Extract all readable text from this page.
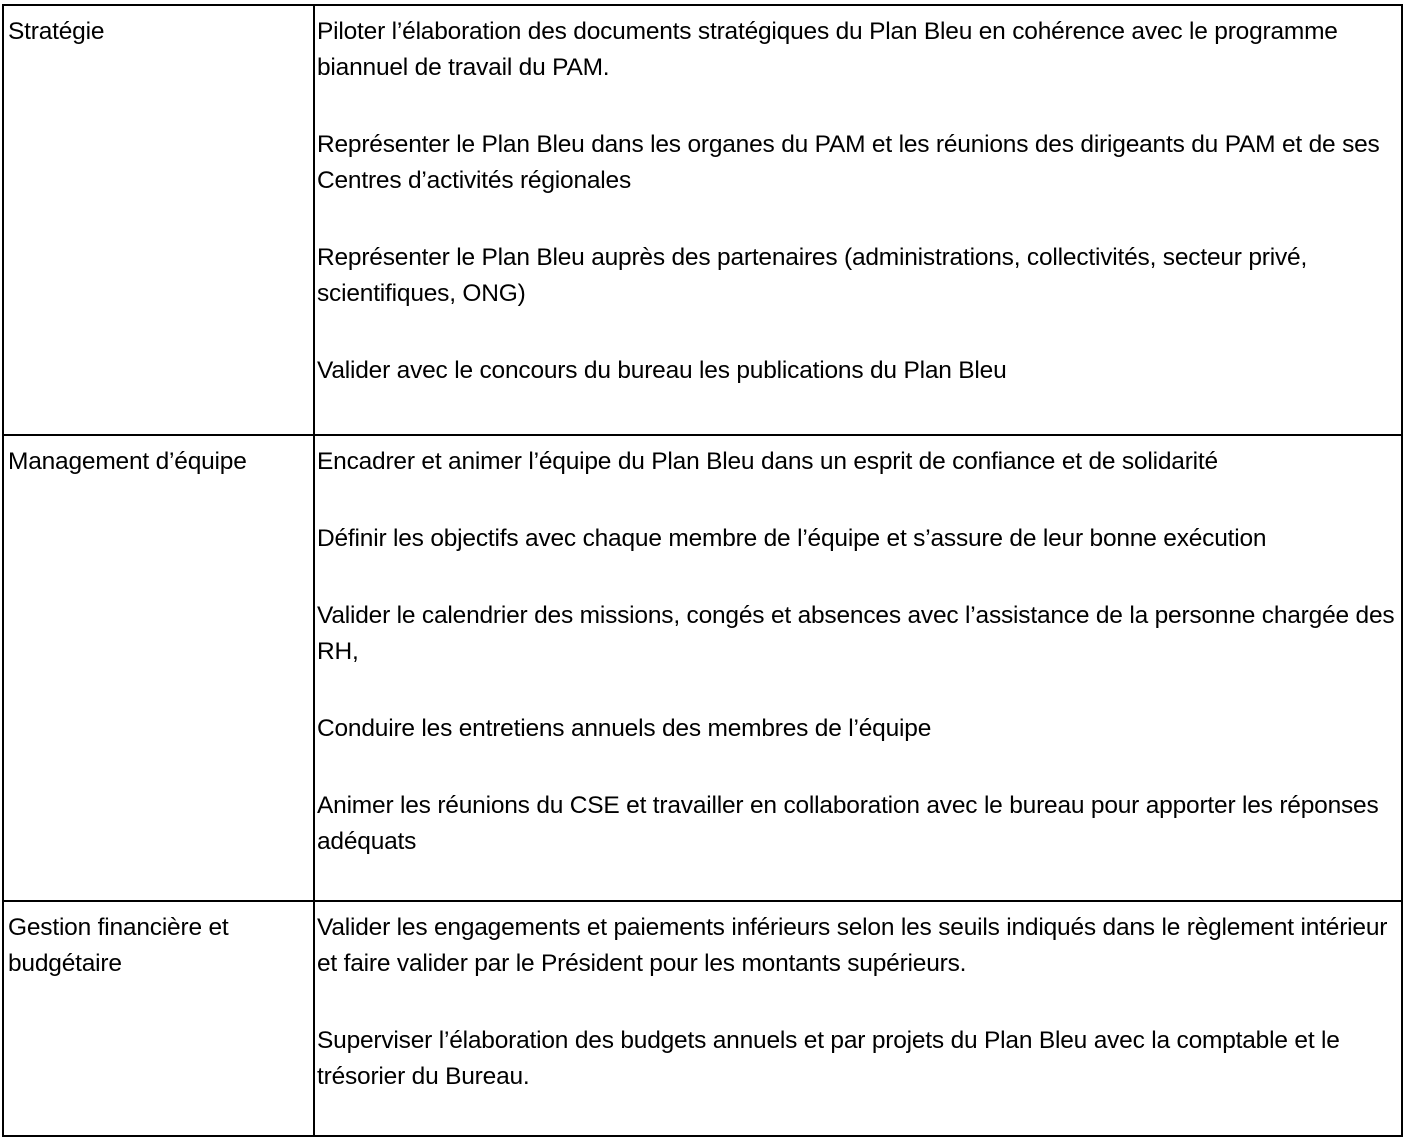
Stratégie	Piloter l’élaboration des documents stratégiques du Plan Bleu en cohérence avec le programme biannuel de travail du PAM.
Représenter le Plan Bleu dans les organes du PAM et les réunions des dirigeants du PAM et de ses Centres d’activités régionales
Représenter le Plan Bleu auprès des partenaires (administrations, collectivités, secteur privé, scientifiques, ONG)
Valider avec le concours du bureau les publications du Plan Bleu

Management d’équipe	Encadrer et animer l’équipe du Plan Bleu dans un esprit de confiance et de solidarité
Définir les objectifs avec chaque membre de l’équipe et s’assure de leur bonne exécution
Valider le calendrier des missions, congés et absences avec l’assistance de la personne chargée des RH,
Conduire les entretiens annuels des membres de l’équipe
Animer les réunions du CSE et travailler en collaboration avec le bureau pour apporter les réponses adéquats

Gestion financière et budgétaire	Valider les engagements et paiements inférieurs selon les seuils indiqués dans le règlement intérieur et faire valider par le Président pour les montants supérieurs.
Superviser l’élaboration des budgets annuels et par projets du Plan Bleu avec la comptable et le trésorier du Bureau.
